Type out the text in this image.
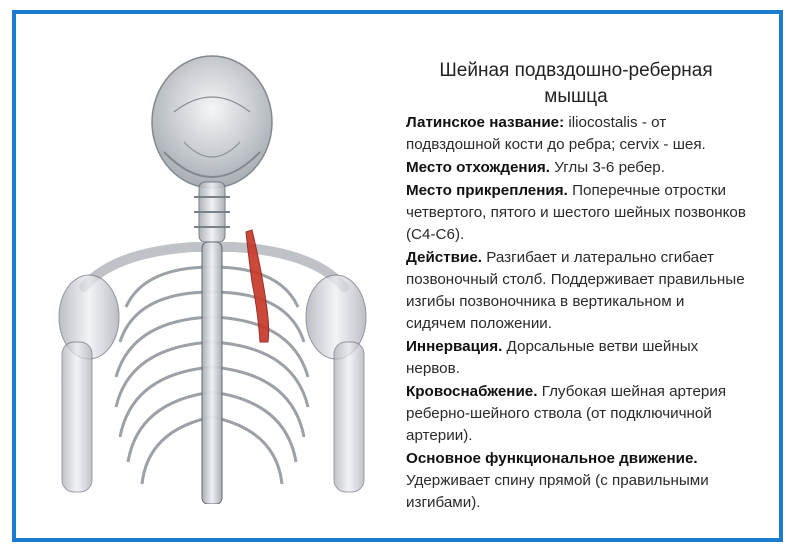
Шейная подвздошно-реберная мышца

Латинское название: iliocostalis - от подвздошной кости до ребра; cervix - шея.

Место отхождения. Углы 3-6 ребер.

Место прикрепления. Поперечные отростки четвертого, пятого и шестого шейных позвонков (С4-С6).

Действие. Разгибает и латерально сгибает позвоночный столб. Поддерживает правильные изгибы позвоночника в вертикальном и сидячем положении.

Иннервация. Дорсальные ветви шейных нервов.

Кровоснабжение. Глубокая шейная артерия реберно-шейного ствола (от подключичной артерии).

Основное функциональное движение. Удерживает спину прямой (с правильными изгибами).
